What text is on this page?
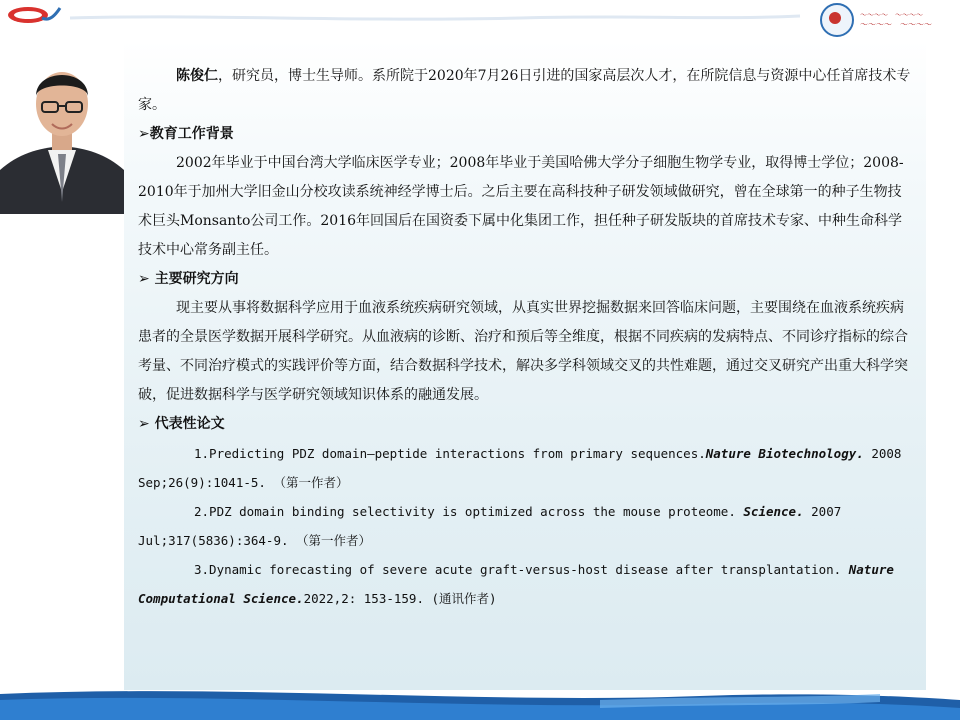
～～～～　～～～～
～～～～　～～～～

陈俊仁，研究员，博士生导师。系所院于2020年7月26日引进的国家高层次人才，在所院信息与资源中心任首席技术专家。

➢教育工作背景

2002年毕业于中国台湾大学临床医学专业；2008年毕业于美国哈佛大学分子细胞生物学专业，取得博士学位；2008-2010年于加州大学旧金山分校攻读系统神经学博士后。之后主要在高科技种子研发领域做研究，曾在全球第一的种子生物技术巨头Monsanto公司工作。2016年回国后在国资委下属中化集团工作，担任种子研发版块的首席技术专家、中种生命科学技术中心常务副主任。

➢ 主要研究方向

现主要从事将数据科学应用于血液系统疾病研究领域，从真实世界挖掘数据来回答临床问题，主要围绕在血液系统疾病患者的全景医学数据开展科学研究。从血液病的诊断、治疗和预后等全维度，根据不同疾病的发病特点、不同诊疗指标的综合考量、不同治疗模式的实践评价等方面，结合数据科学技术，解决多学科领域交叉的共性难题，通过交叉研究产出重大科学突破，促进数据科学与医学研究领域知识体系的融通发展。

➢ 代表性论文

1.Predicting PDZ domain–peptide interactions from primary sequences.Nature Biotechnology. 2008 Sep;26(9):1041-5. （第一作者）

2.PDZ domain binding selectivity is optimized across the mouse proteome. Science. 2007 Jul;317(5836):364-9. （第一作者）

3.Dynamic forecasting of severe acute graft-versus-host disease after transplantation. Nature Computational Science.2022,2: 153-159. (通讯作者)
